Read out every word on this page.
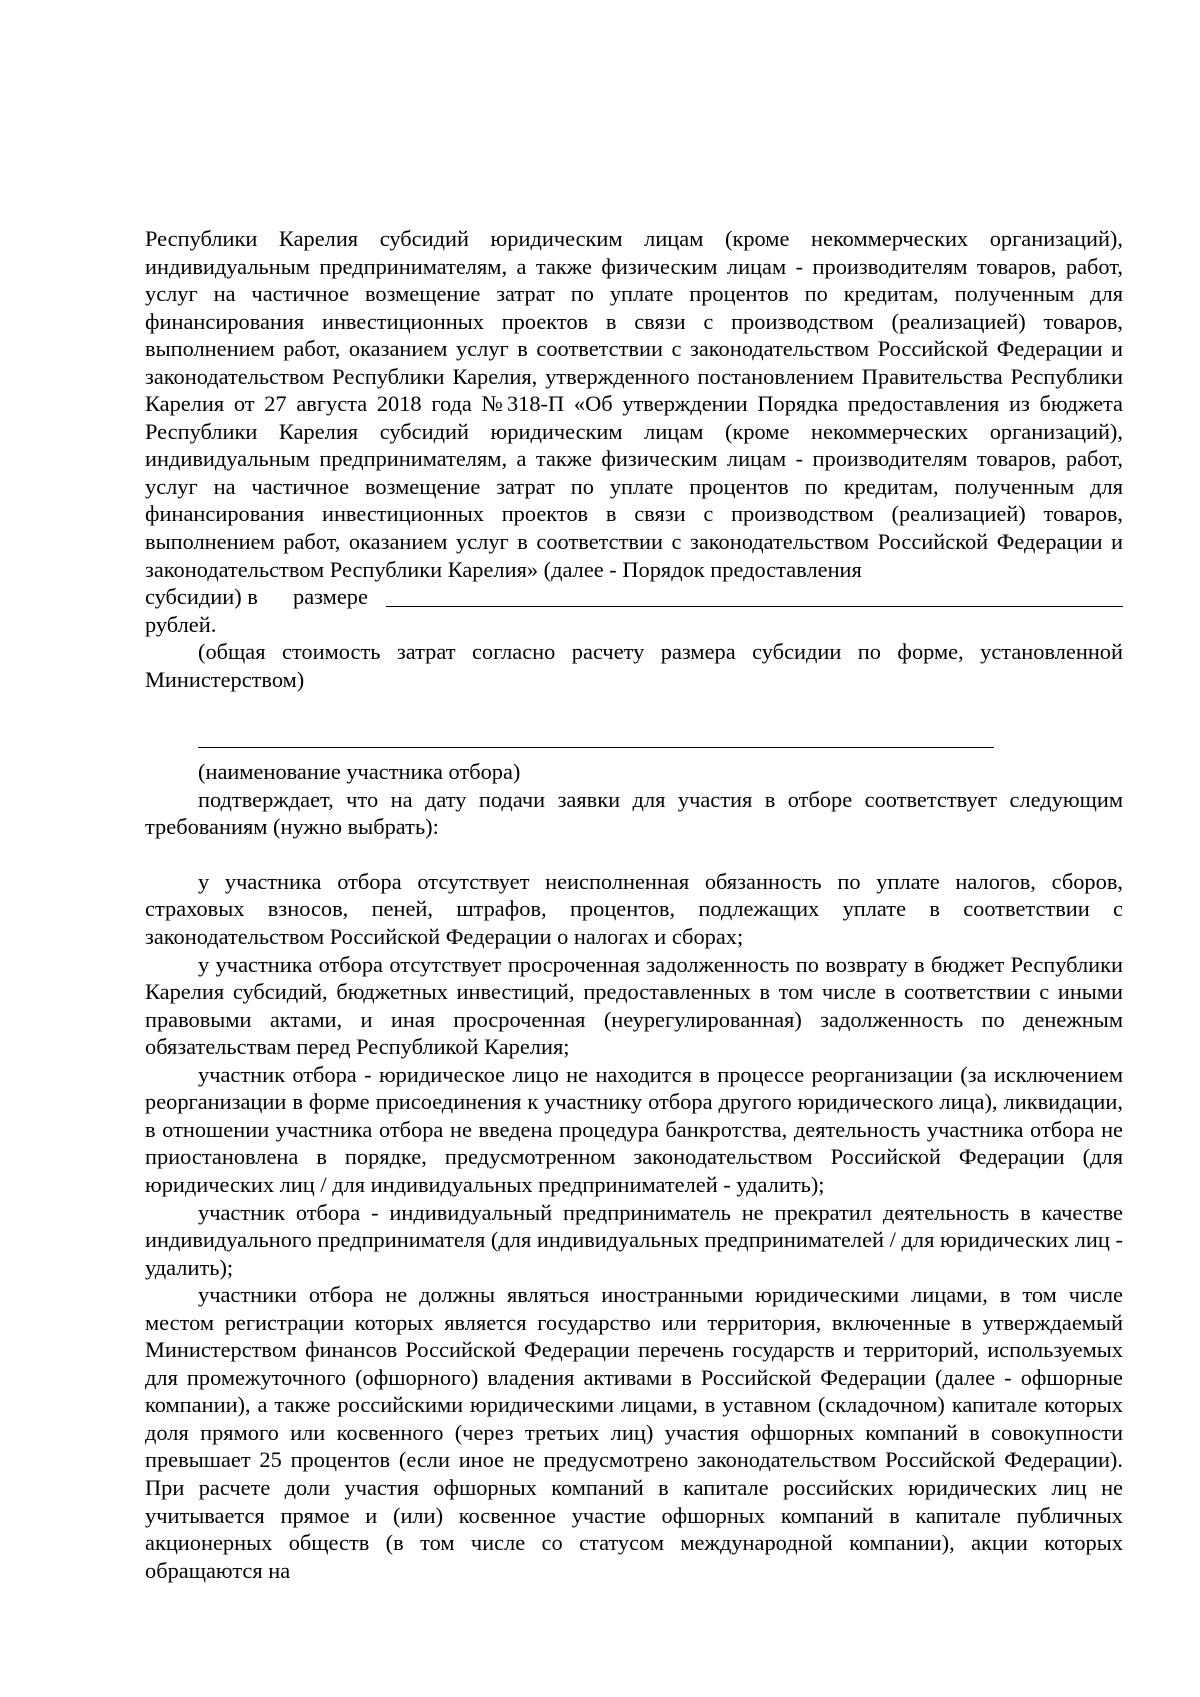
Республики Карелия субсидий юридическим лицам (кроме некоммерческих организаций), индивидуальным предпринимателям, а также физическим лицам - производителям товаров, работ, услуг на частичное возмещение затрат по уплате процентов по кредитам, полученным для финансирования инвестиционных проектов в связи с производством (реализацией) товаров, выполнением работ, оказанием услуг в соответствии с законодательством Российской Федерации и законодательством Республики Карелия, утвержденного постановлением Правительства Республики Карелия от 27 августа 2018 года №318-П «Об утверждении Порядка предоставления из бюджета Республики Карелия субсидий юридическим лицам (кроме некоммерческих организаций), индивидуальным предпринимателям, а также физическим лицам - производителям товаров, работ, услуг на частичное возмещение затрат по уплате процентов по кредитам, полученным для финансирования инвестиционных проектов в связи с производством (реализацией) товаров, выполнением работ, оказанием услуг в соответствии с законодательством Российской Федерации и законодательством Республики Карелия» (далее - Порядок предоставления

субсидии) в	размере

рублей.

(общая стоимость затрат согласно расчету размера субсидии по форме, установленной Министерством)

(наименование участника отбора)

подтверждает, что на дату подачи заявки для участия в отборе соответствует следующим требованиям (нужно выбрать):

у участника отбора отсутствует неисполненная обязанность по уплате налогов, сборов, страховых взносов, пеней, штрафов, процентов, подлежащих уплате в соответствии с законодательством Российской Федерации о налогах и сборах;

у участника отбора отсутствует просроченная задолженность по возврату в бюджет Республики Карелия субсидий, бюджетных инвестиций, предоставленных в том числе в соответствии с иными правовыми актами, и иная просроченная (неурегулированная) задолженность по денежным обязательствам перед Республикой Карелия;

участник отбора - юридическое лицо не находится в процессе реорганизации (за исключением реорганизации в форме присоединения к участнику отбора другого юридического лица), ликвидации, в отношении участника отбора не введена процедура банкротства, деятельность участника отбора не приостановлена в порядке, предусмотренном законодательством Российской Федерации (для юридических лиц / для индивидуальных предпринимателей - удалить);

участник отбора - индивидуальный предприниматель не прекратил деятельность в качестве индивидуального предпринимателя (для индивидуальных предпринимателей / для юридических лиц - удалить);

участники отбора не должны являться иностранными юридическими лицами, в том числе местом регистрации которых является государство или территория, включенные в утверждаемый Министерством финансов Российской Федерации перечень государств и территорий, используемых для промежуточного (офшорного) владения активами в Российской Федерации (далее - офшорные компании), а также российскими юридическими лицами, в уставном (складочном) капитале которых доля прямого или косвенного (через третьих лиц) участия офшорных компаний в совокупности превышает 25 процентов (если иное не предусмотрено законодательством Российской Федерации). При расчете доли участия офшорных компаний в капитале российских юридических лиц не учитывается прямое и (или) косвенное участие офшорных компаний в капитале публичных акционерных обществ (в том числе со статусом международной компании), акции которых обращаются на
